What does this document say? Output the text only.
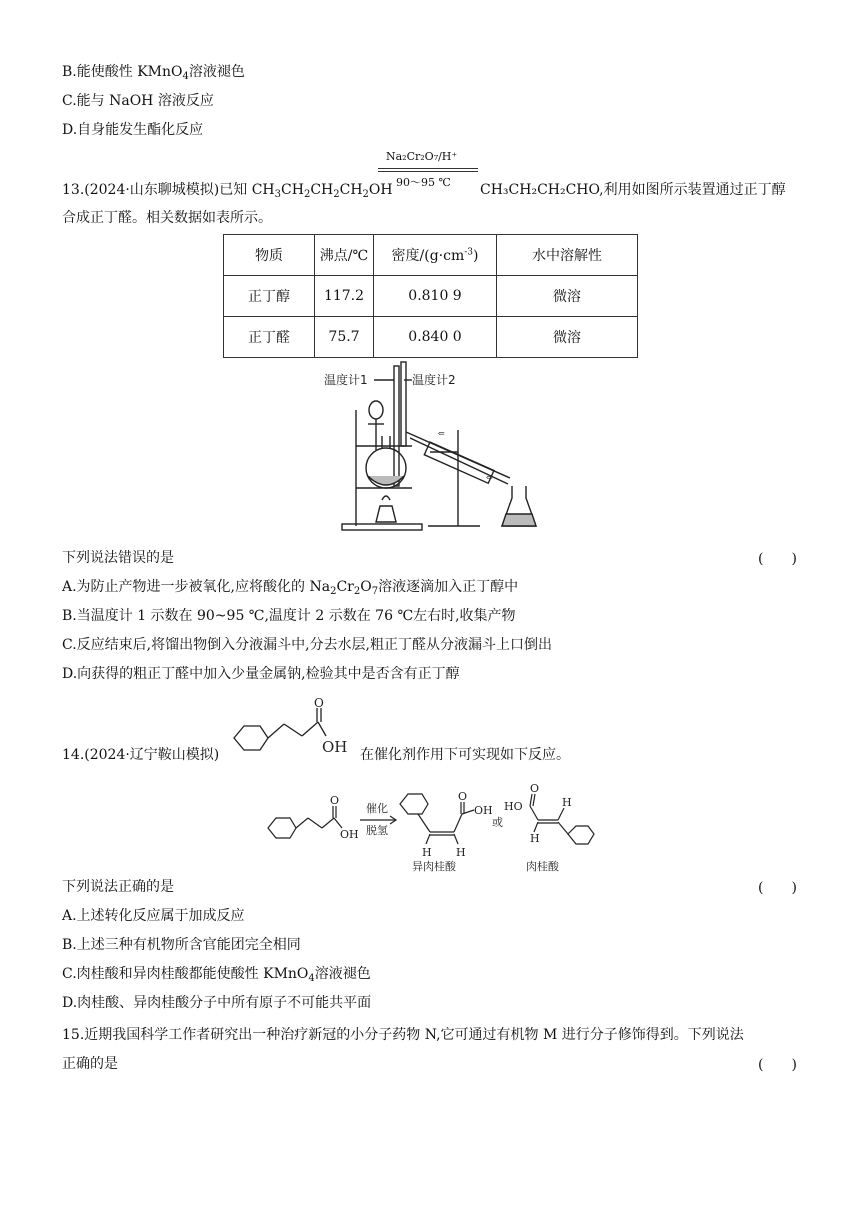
B.能使酸性 KMnO$_4$溶液褪色
C.能与 NaOH 溶液反应
D.自身能发生酯化反应
13.(2024·山东聊城模拟)已知 $CH_3CH_2CH_2CH_2OH$
Na₂Cr₂O₇/H⁺
90～95 ℃ CH₃CH₂CH₂CHO,利用如图所示装置通过正丁醇
合成正丁醛。相关数据如表所示。
物质	沸点/℃	密度$/(g\cdot cm^{-3})$	水中溶解性
正丁醇	117.2	0.810 9	微溶
正丁醛	75.7	0.840 0	微溶
温度计1	温度计2
⇐
⇐
下列说法错误的是	(　　)
A.为防止产物进一步被氧化,应将酸化的 $Na_2Cr_2O_7$溶液逐滴加入正丁醇中
B.当温度计 1 示数在 90~95 ℃,温度计 2 示数在 76 ℃左右时,收集产物
C.反应结束后,将馏出物倒入分液漏斗中,分去水层,粗正丁醛从分液漏斗上口倒出
D.向获得的粗正丁醛中加入少量金属钠,检验其中是否含有正丁醇
14.(2024·辽宁鞍山模拟)
O
OH 在催化剂作用下可实现如下反应。
O
OH
催化
脱氢
O
OH
H H
或
O
HO
H
H
异肉桂酸	肉桂酸
下列说法正确的是	(　　)
A.上述转化反应属于加成反应
B.上述三种有机物所含官能团完全相同
C.肉桂酸和异肉桂酸都能使酸性 KMnO$_4$溶液褪色
D.肉桂酸、异肉桂酸分子中所有原子不可能共平面
15.近期我国科学工作者研究出一种治疗新冠的小分子药物 N,它可通过有机物 M 进行分子修饰得到。下列说法
正确的是	(　　)
